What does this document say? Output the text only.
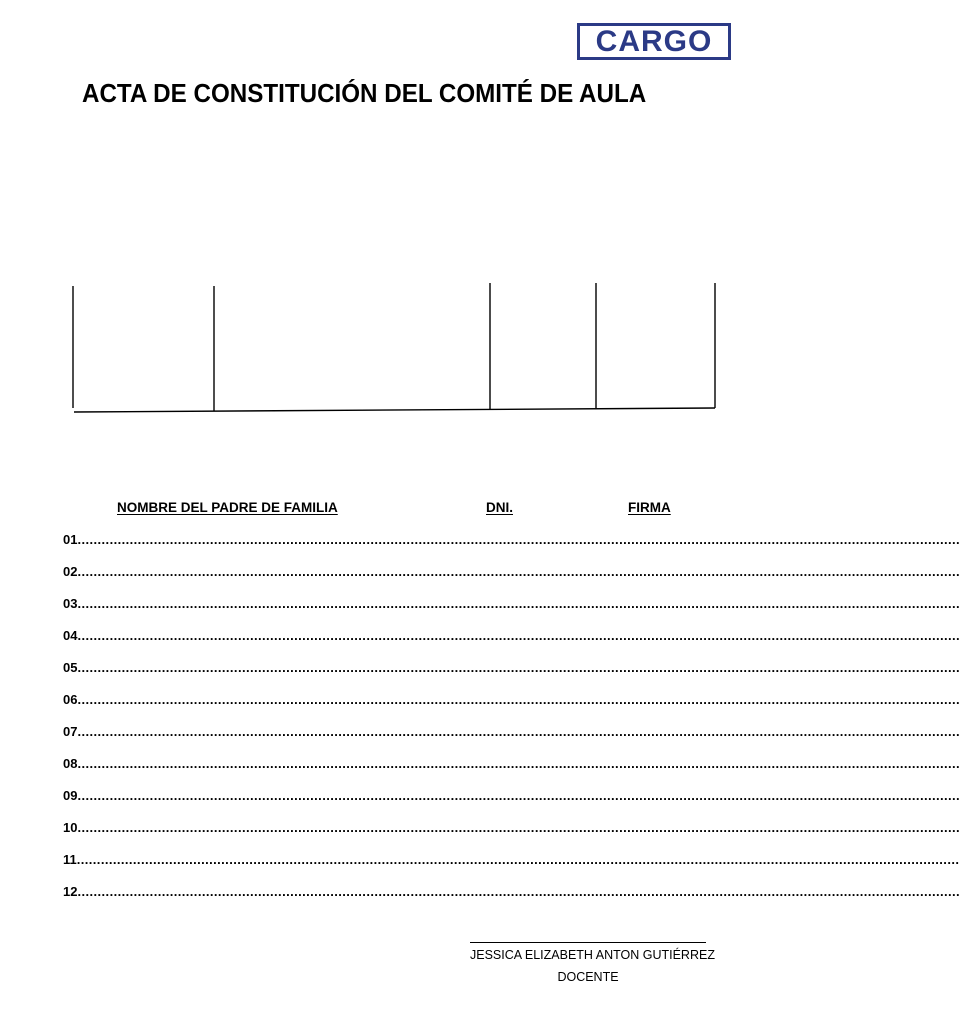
CARGO
ACTA DE CONSTITUCIÓN DEL COMITÉ DE AULA
NOMBRE DEL PADRE DE FAMILIA	DNI.	FIRMA
01 ............................................................................................................................................................................................................................
02 ............................................................................................................................................................................................................................
03 ............................................................................................................................................................................................................................
04 ............................................................................................................................................................................................................................
05 ............................................................................................................................................................................................................................
06 ............................................................................................................................................................................................................................
07 ............................................................................................................................................................................................................................
08 ............................................................................................................................................................................................................................
09 ............................................................................................................................................................................................................................
10 ............................................................................................................................................................................................................................
11 ............................................................................................................................................................................................................................
12 ............................................................................................................................................................................................................................
JESSICA ELIZABETH ANTON GUTIÉRREZ
DOCENTE
